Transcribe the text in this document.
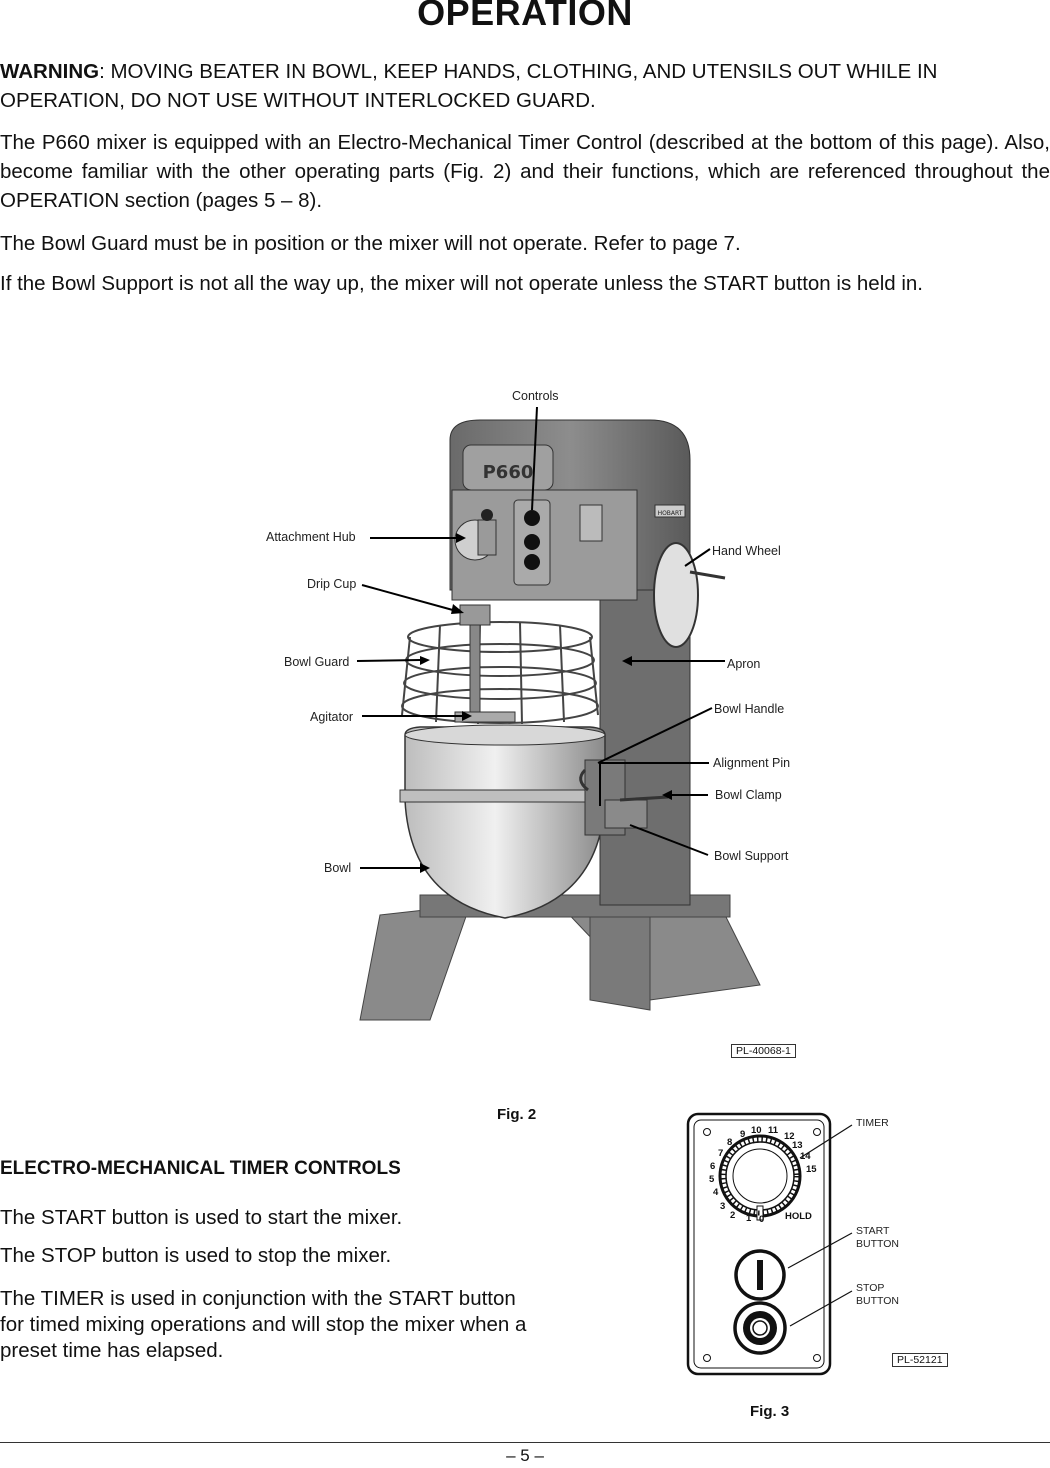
OPERATION

WARNING: MOVING BEATER IN BOWL, KEEP HANDS, CLOTHING, AND UTENSILS OUT WHILE IN OPERATION, DO NOT USE WITHOUT INTERLOCKED GUARD.

The P660 mixer is equipped with an Electro-Mechanical Timer Control (described at the bottom of this page). Also, become familiar with the other operating parts (Fig. 2) and their functions, which are referenced throughout the OPERATION section (pages 5 – 8).

The Bowl Guard must be in position or the mixer will not operate. Refer to page 7.

If the Bowl Support is not all the way up, the mixer will not operate unless the START button is held in.

P660
HOBART
Controls
Attachment Hub
Drip Cup
Bowl Guard
Agitator
Bowl
Hand Wheel
Apron
Bowl Handle
Alignment Pin
Bowl Clamp
Bowl Support
PL-40068-1
Fig. 2
ELECTRO-MECHANICAL TIMER CONTROLS

The START button is used to start the mixer.

The STOP button is used to stop the mixer.

The TIMER is used in conjunction with the START button for timed mixing operations and will stop the mixer when a preset time has elapsed.

0
1
2
3
4
5
6
7
8
9 10 11
12
13
14
15
HOLD
TIMER
START
BUTTON
STOP
BUTTON
PL-52121
Fig. 3
– 5 –
